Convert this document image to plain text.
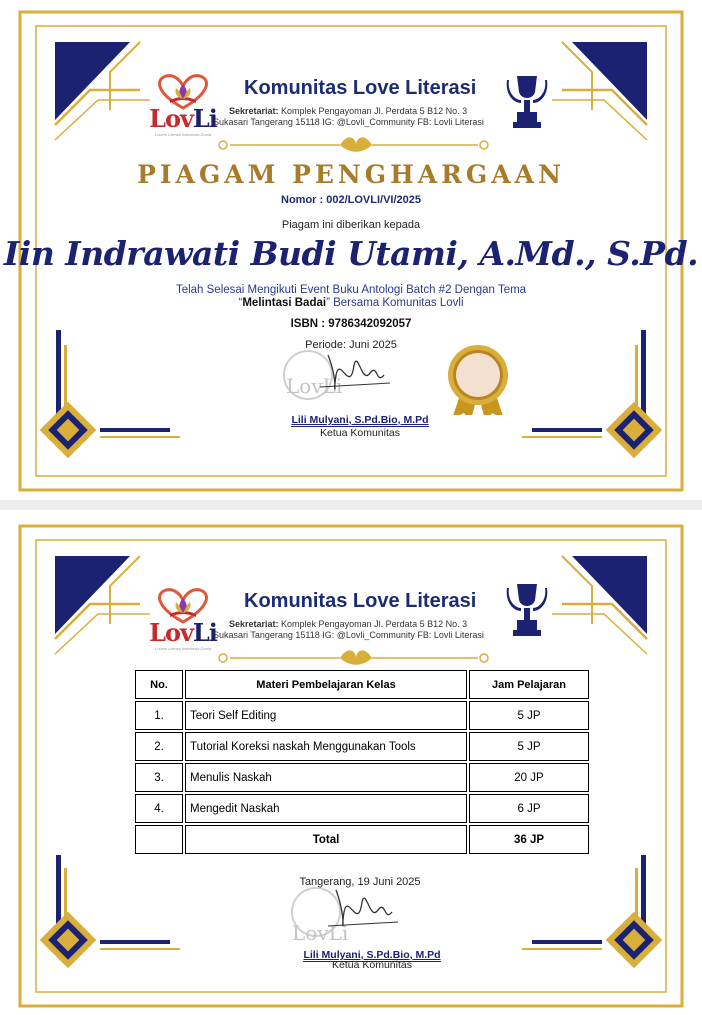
LovLi
Lovers Literasi Indonesia Dunia
Komunitas Love Literasi
Sekretariat: Komplek Pengayoman Jl. Perdata 5 B12 No. 3
Sukasari Tangerang 15118 IG: @Lovli_Community FB: Lovli Literasi
PIAGAM PENGHARGAAN
Nomor : 002/LOVLI/VI/2025
Piagam ini diberikan kepada
Iin Indrawati Budi Utami, A.Md., S.Pd.
Telah Selesai Mengikuti Event Buku Antologi Batch #2 Dengan Tema
“Melintasi Badai” Bersama Komunitas Lovli
ISBN : 9786342092057
Periode: Juni 2025
LovLi
Lili Mulyani, S.Pd.Bio, M.Pd
Ketua Komunitas
LovLi
Lovers Literasi Indonesia Dunia
Komunitas Love Literasi
Sekretariat: Komplek Pengayoman Jl. Perdata 5 B12 No. 3
Sukasari Tangerang 15118 IG: @Lovli_Community FB: Lovli Literasi
No.	Materi Pembelajaran Kelas	Jam Pelajaran
1.	Teori Self Editing	5 JP
2.	Tutorial Koreksi naskah Menggunakan Tools	5 JP
3.	Menulis Naskah	20 JP
4.	Mengedit Naskah	6 JP
	Total	36 JP
Tangerang, 19 Juni 2025
LovLi
Lili Mulyani, S.Pd.Bio, M.Pd
Ketua Komunitas
